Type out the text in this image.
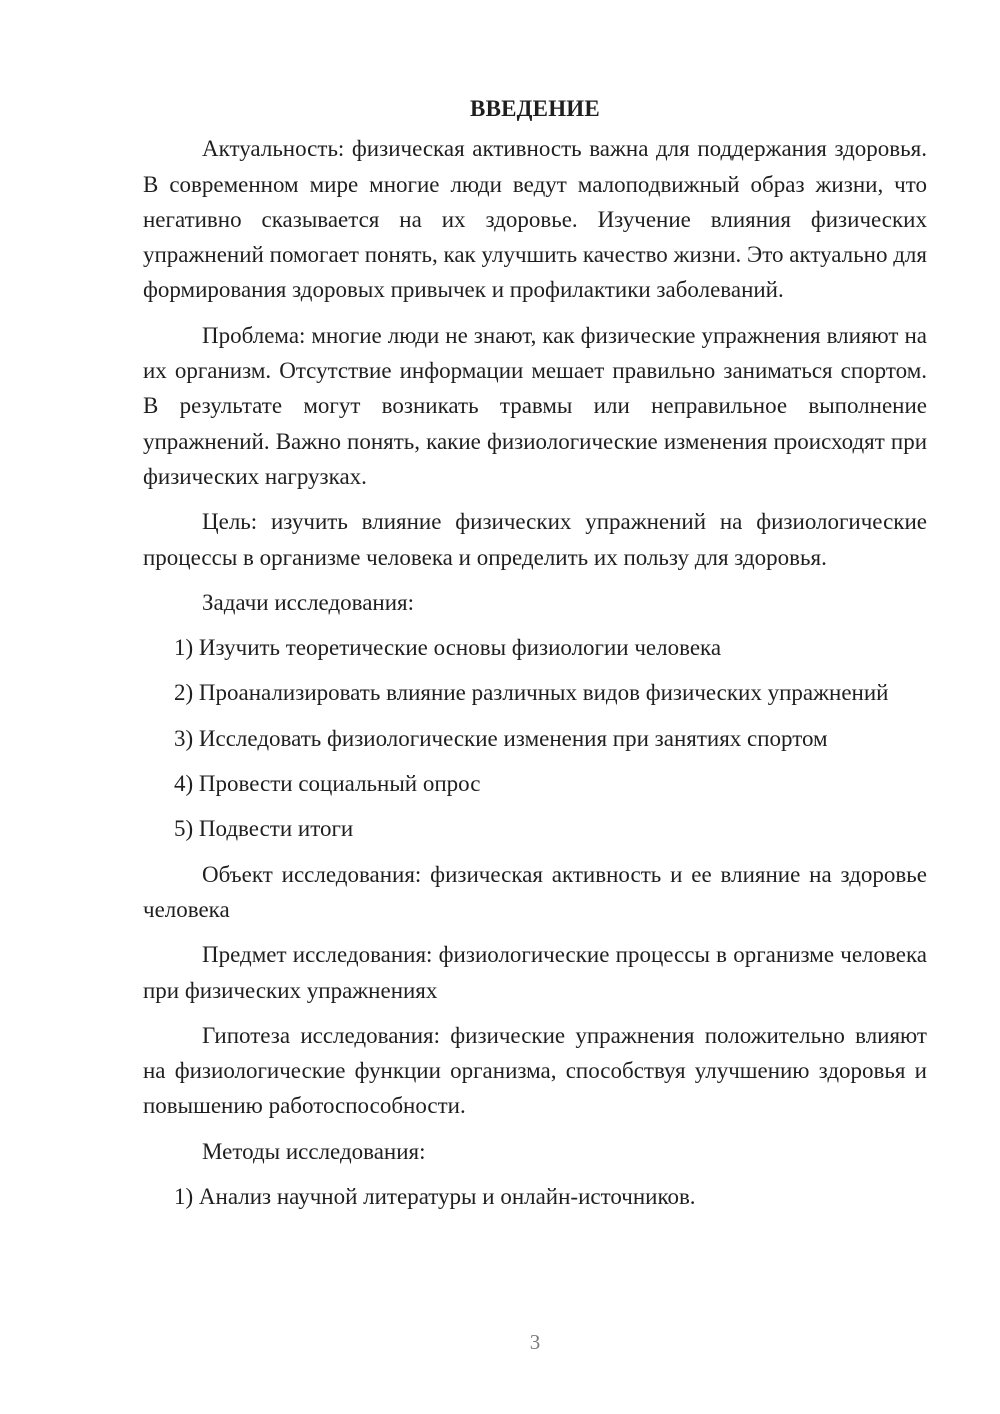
ВВЕДЕНИЕ

Актуальность: физическая активность важна для поддержания здоровья. В современном мире многие люди ведут малоподвижный образ жизни, что негативно сказывается на их здоровье. Изучение влияния физических упражнений помогает понять, как улучшить качество жизни. Это актуально для формирования здоровых привычек и профилактики заболеваний.

Проблема: многие люди не знают, как физические упражнения влияют на их организм. Отсутствие информации мешает правильно заниматься спортом. В результате могут возникать травмы или неправильное выполнение упражнений. Важно понять, какие физиологические изменения происходят при физических нагрузках.

Цель: изучить влияние физических упражнений на физиологические процессы в организме человека и определить их пользу для здоровья.

Задачи исследования:

1) Изучить теоретические основы физиологии человека

2) Проанализировать влияние различных видов физических упражнений

3) Исследовать физиологические изменения при занятиях спортом

4) Провести социальный опрос

5) Подвести итоги

Объект исследования: физическая активность и ее влияние на здоровье человека

Предмет исследования: физиологические процессы в организме человека при физических упражнениях

Гипотеза исследования: физические упражнения положительно влияют на физиологические функции организма, способствуя улучшению здоровья и повышению работоспособности.

Методы исследования:

1) Анализ научной литературы и онлайн-источников.

3
